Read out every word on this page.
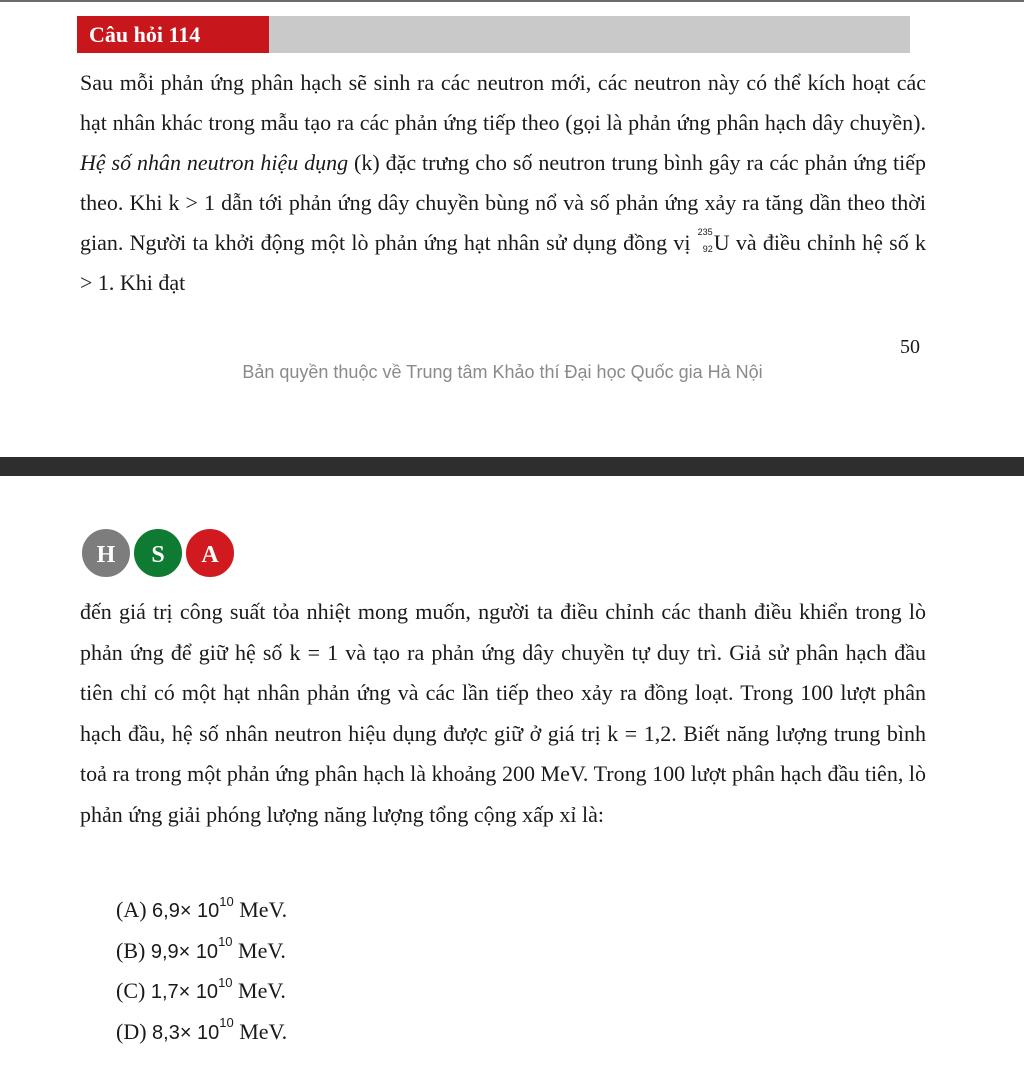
Câu hỏi 114

Sau mỗi phản ứng phân hạch sẽ sinh ra các neutron mới, các neutron này có thể kích hoạt các hạt nhân khác trong mẫu tạo ra các phản ứng tiếp theo (gọi là phản ứng phân hạch dây chuyền). Hệ số nhân neutron hiệu dụng (k) đặc trưng cho số neutron trung bình gây ra các phản ứng tiếp theo. Khi k > 1 dẫn tới phản ứng dây chuyền bùng nổ và số phản ứng xảy ra tăng dần theo thời gian. Người ta khởi động một lò phản ứng hạt nhân sử dụng đồng vị 235
92 U và điều chỉnh hệ số k > 1. Khi đạt

50
Bản quyền thuộc về Trung tâm Khảo thí Đại học Quốc gia Hà Nội
H	S	A

đến giá trị công suất tỏa nhiệt mong muốn, người ta điều chỉnh các thanh điều khiển trong lò phản ứng để giữ hệ số k = 1 và tạo ra phản ứng dây chuyền tự duy trì. Giả sử phân hạch đầu tiên chỉ có một hạt nhân phản ứng và các lần tiếp theo xảy ra đồng loạt. Trong 100 lượt phân hạch đầu, hệ số nhân neutron hiệu dụng được giữ ở giá trị k = 1,2. Biết năng lượng trung bình toả ra trong một phản ứng phân hạch là khoảng 200 MeV. Trong 100 lượt phân hạch đầu tiên, lò phản ứng giải phóng lượng năng lượng tổng cộng xấp xỉ là:

(A) $6,9\times 10^{10}$ MeV.
(B) $9,9\times 10^{10}$ MeV.
(C) $1,7\times 10^{10}$ MeV.
(D) $8,3\times 10^{10}$ MeV.
